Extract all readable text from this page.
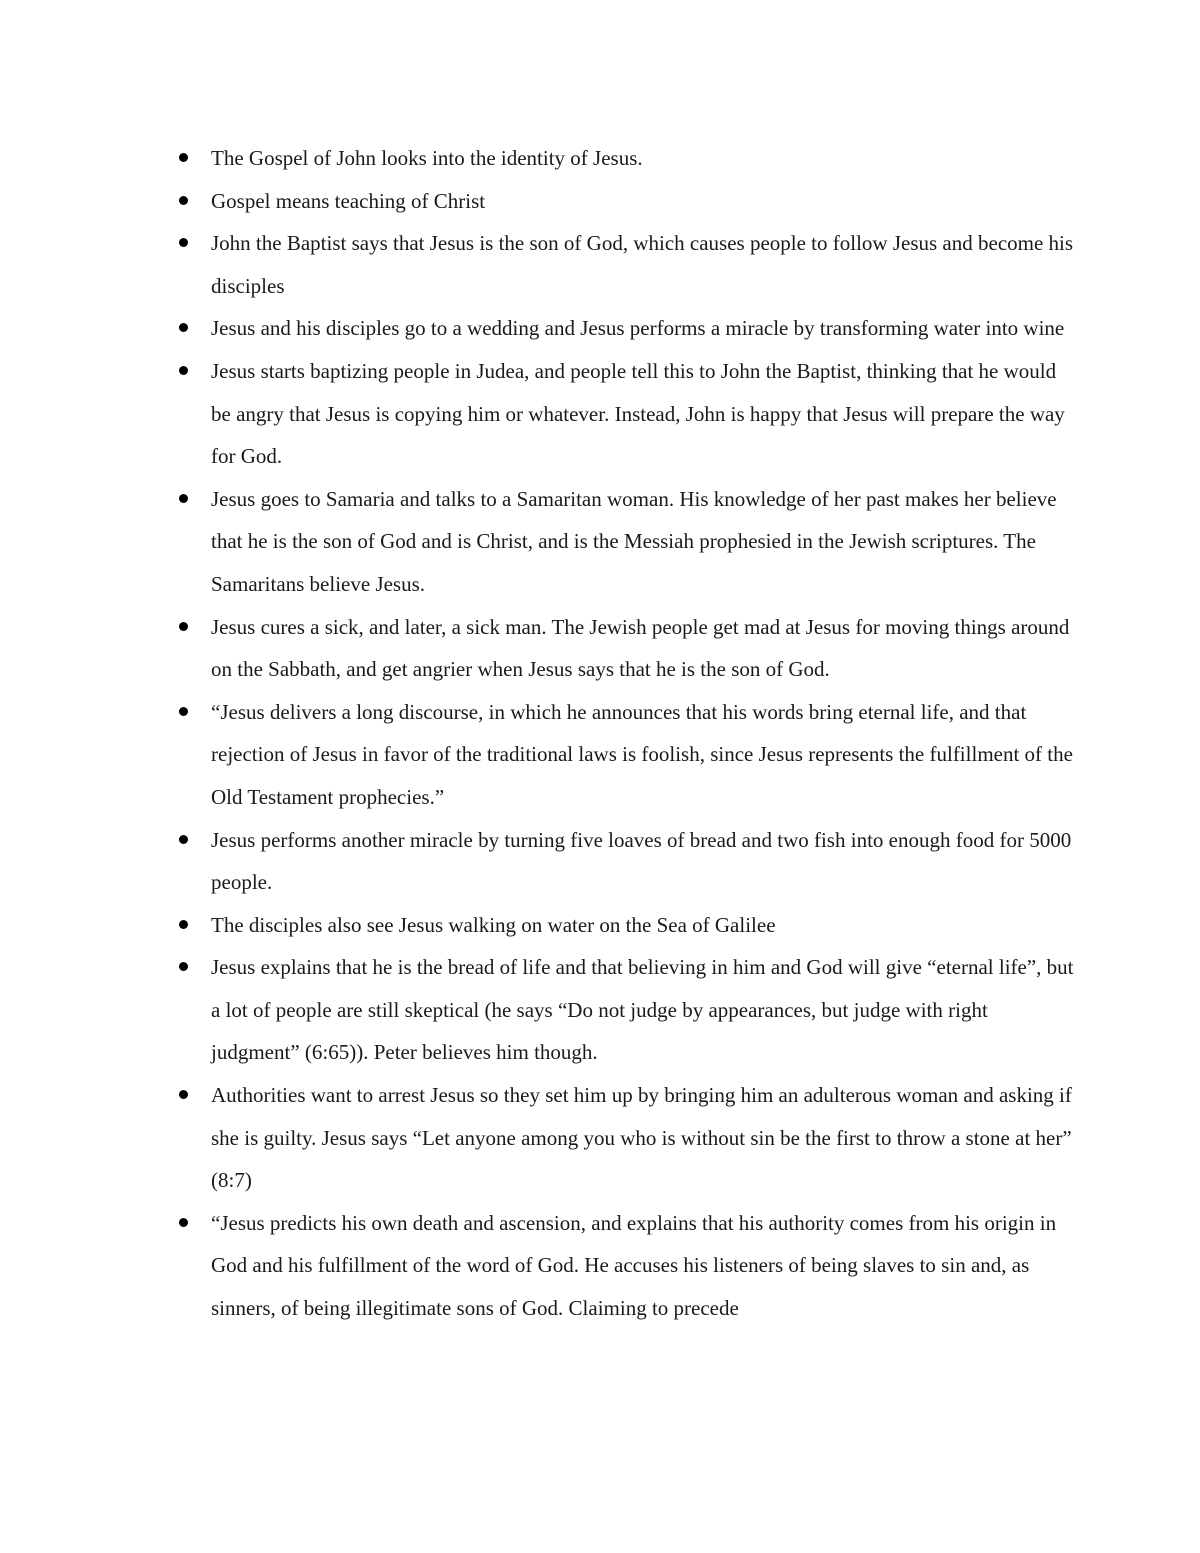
The Gospel of John looks into the identity of Jesus.
Gospel means teaching of Christ
John the Baptist says that Jesus is the son of God, which causes people to follow Jesus and become his disciples
Jesus and his disciples go to a wedding and Jesus performs a miracle by transforming water into wine
Jesus starts baptizing people in Judea, and people tell this to John the Baptist, thinking that he would be angry that Jesus is copying him or whatever. Instead, John is happy that Jesus will prepare the way for God.
Jesus goes to Samaria and talks to a Samaritan woman. His knowledge of her past makes her believe that he is the son of God and is Christ, and is the Messiah prophesied in the Jewish scriptures. The Samaritans believe Jesus.
Jesus cures a sick, and later, a sick man. The Jewish people get mad at Jesus for moving things around on the Sabbath, and get angrier when Jesus says that he is the son of God.
“Jesus delivers a long discourse, in which he announces that his words bring eternal life, and that rejection of Jesus in favor of the traditional laws is foolish, since Jesus represents the fulfillment of the Old Testament prophecies.”
Jesus performs another miracle by turning five loaves of bread and two fish into enough food for 5000 people.
The disciples also see Jesus walking on water on the Sea of Galilee
Jesus explains that he is the bread of life and that believing in him and God will give “eternal life”, but a lot of people are still skeptical (he says “Do not judge by appearances, but judge with right judgment” (6:65)). Peter believes him though.
Authorities want to arrest Jesus so they set him up by bringing him an adulterous woman and asking if she is guilty. Jesus says “Let anyone among you who is without sin be the first to throw a stone at her” (8:7)
“Jesus predicts his own death and ascension, and explains that his authority comes from his origin in God and his fulfillment of the word of God. He accuses his listeners of being slaves to sin and, as sinners, of being illegitimate sons of God. Claiming to precede
